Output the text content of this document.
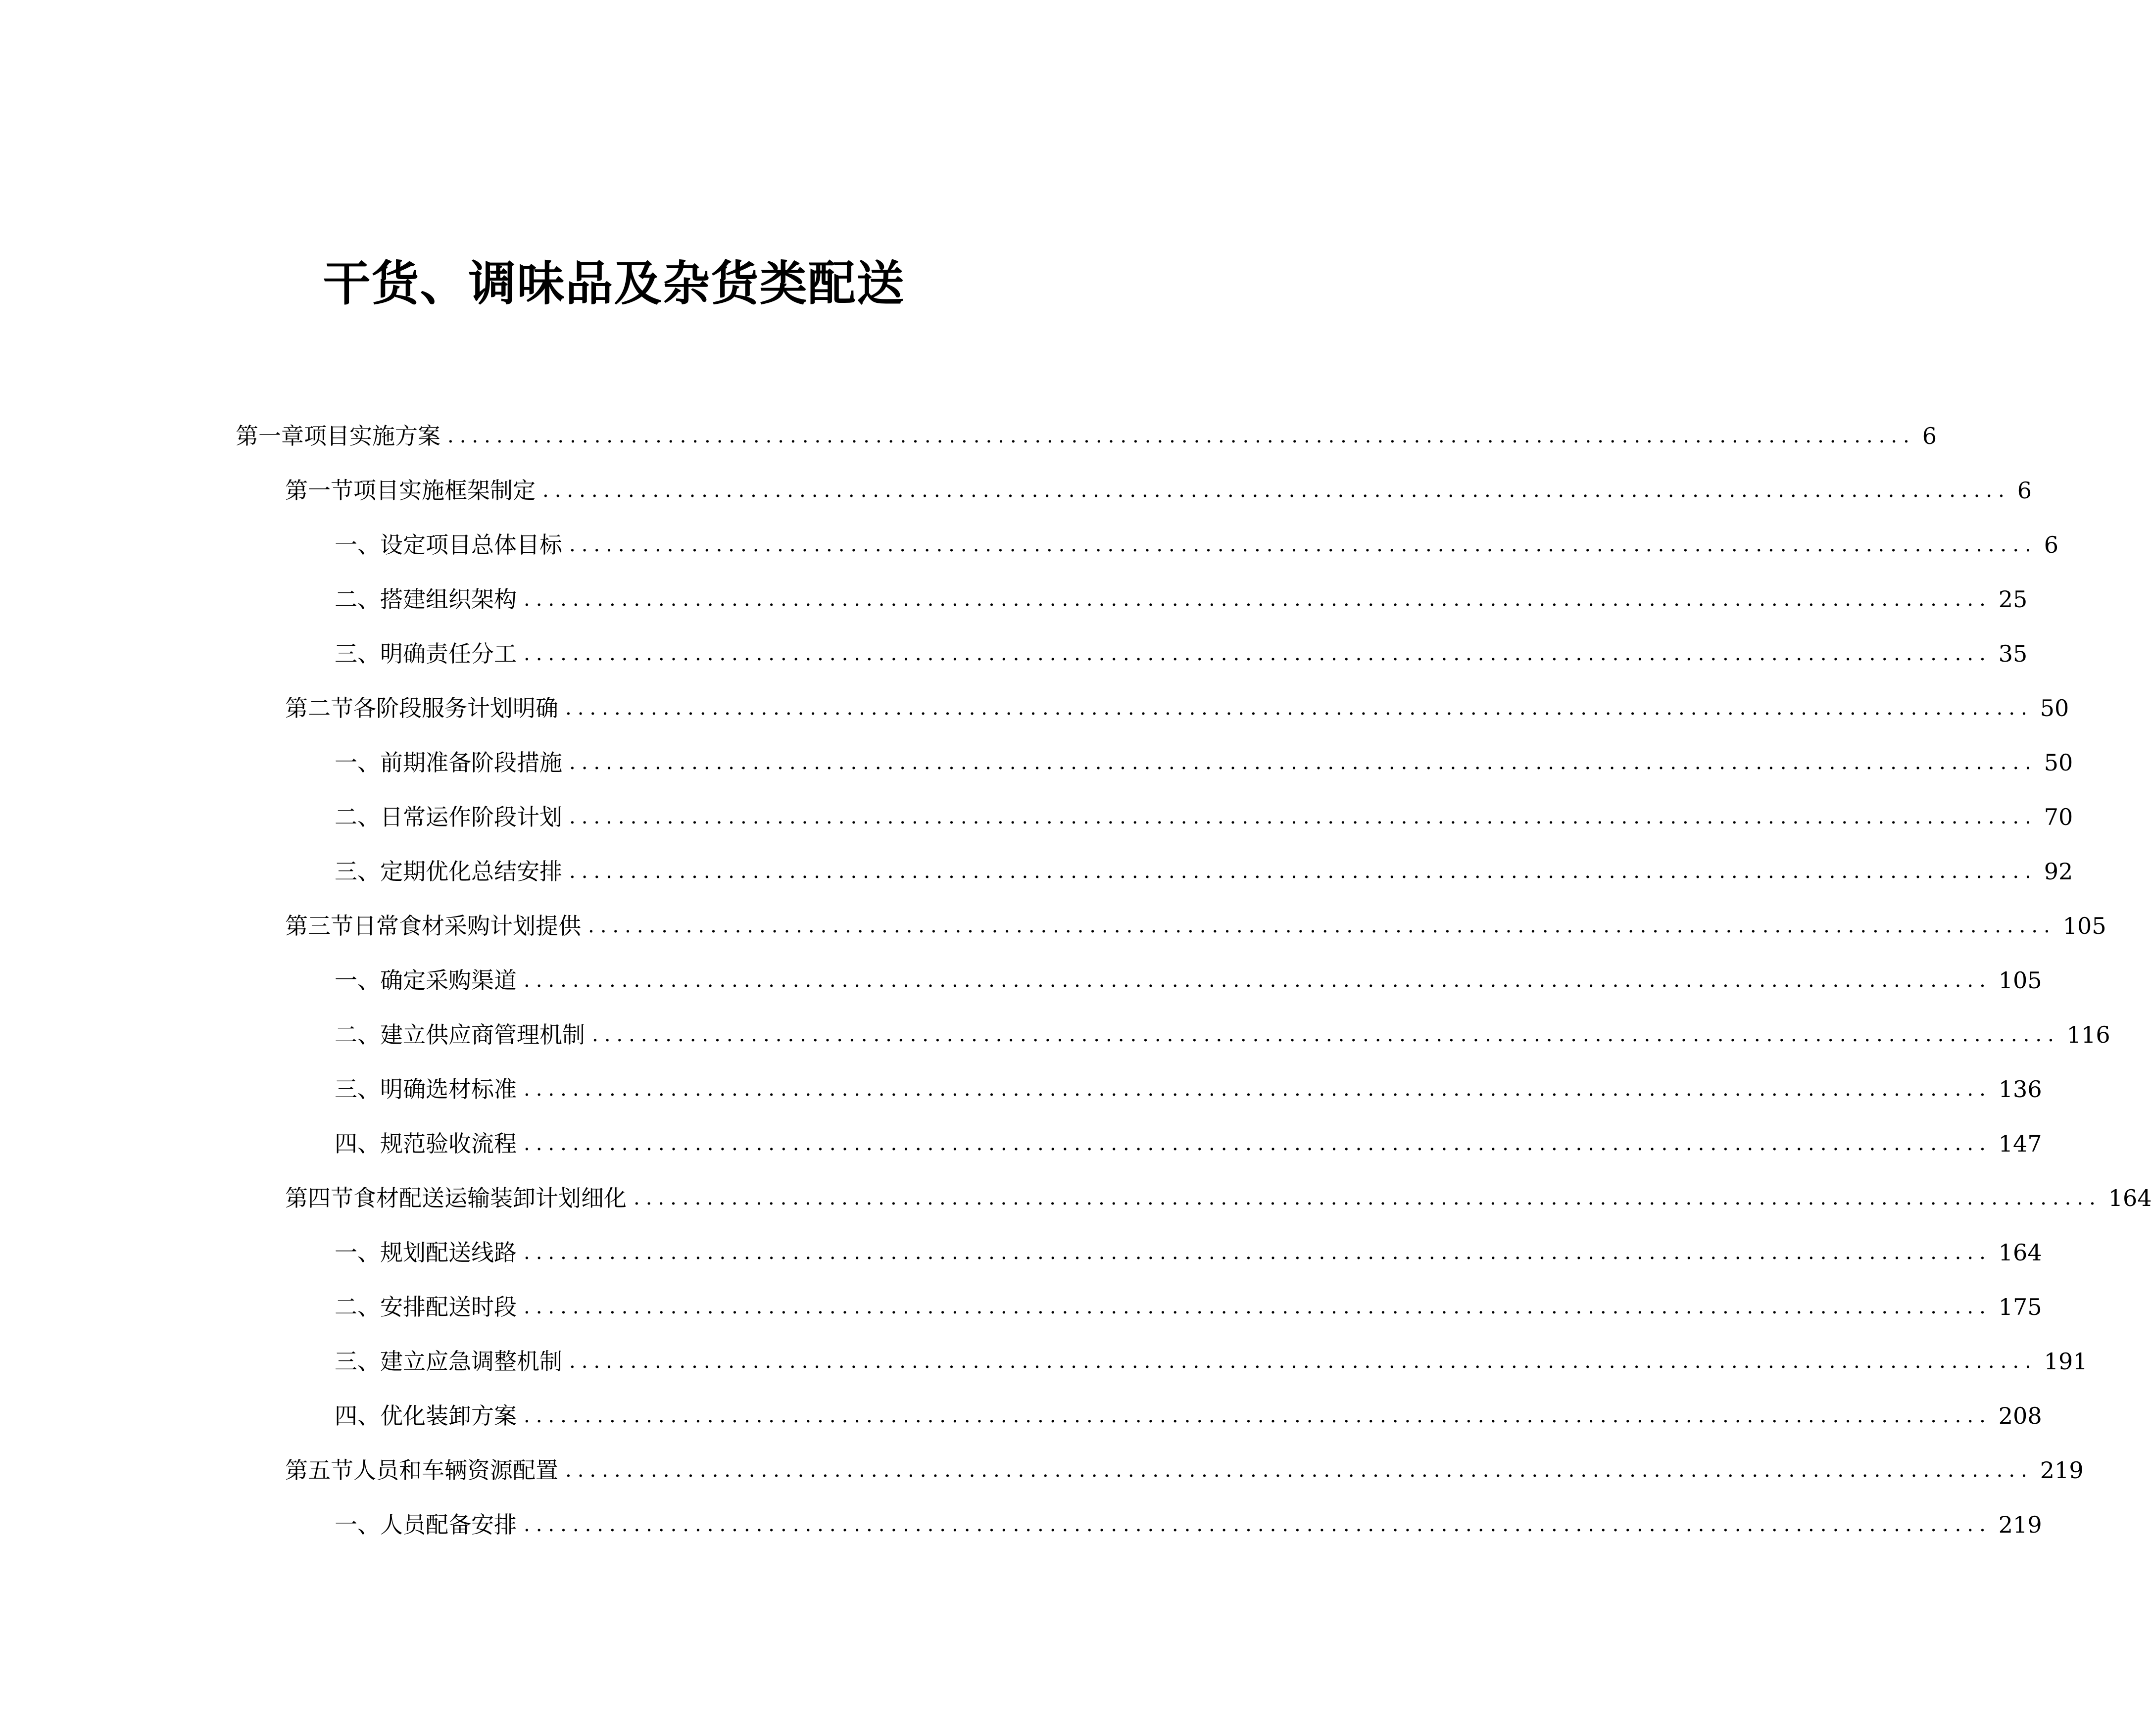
干货、调味品及杂货类配送
第一章 项目实施方案 ........................................................................................................................ 6
第一节 项目实施框架制定 ........................................................................................................................ 6
一、 设定项目总体目标 ........................................................................................................................ 6
二、 搭建组织架构 ........................................................................................................................ 25
三、 明确责任分工 ........................................................................................................................ 35
第二节 各阶段服务计划明确 ........................................................................................................................ 50
一、 前期准备阶段措施 ........................................................................................................................ 50
二、 日常运作阶段计划 ........................................................................................................................ 70
三、 定期优化总结安排 ........................................................................................................................ 92
第三节 日常食材采购计划提供 ........................................................................................................................ 105
一、 确定采购渠道 ........................................................................................................................ 105
二、 建立供应商管理机制 ........................................................................................................................ 116
三、 明确选材标准 ........................................................................................................................ 136
四、 规范验收流程 ........................................................................................................................ 147
第四节 食材配送运输装卸计划细化 ........................................................................................................................ 164
一、 规划配送线路 ........................................................................................................................ 164
二、 安排配送时段 ........................................................................................................................ 175
三、 建立应急调整机制 ........................................................................................................................ 191
四、 优化装卸方案 ........................................................................................................................ 208
第五节 人员和车辆资源配置 ........................................................................................................................ 219
一、 人员配备安排 ........................................................................................................................ 219
